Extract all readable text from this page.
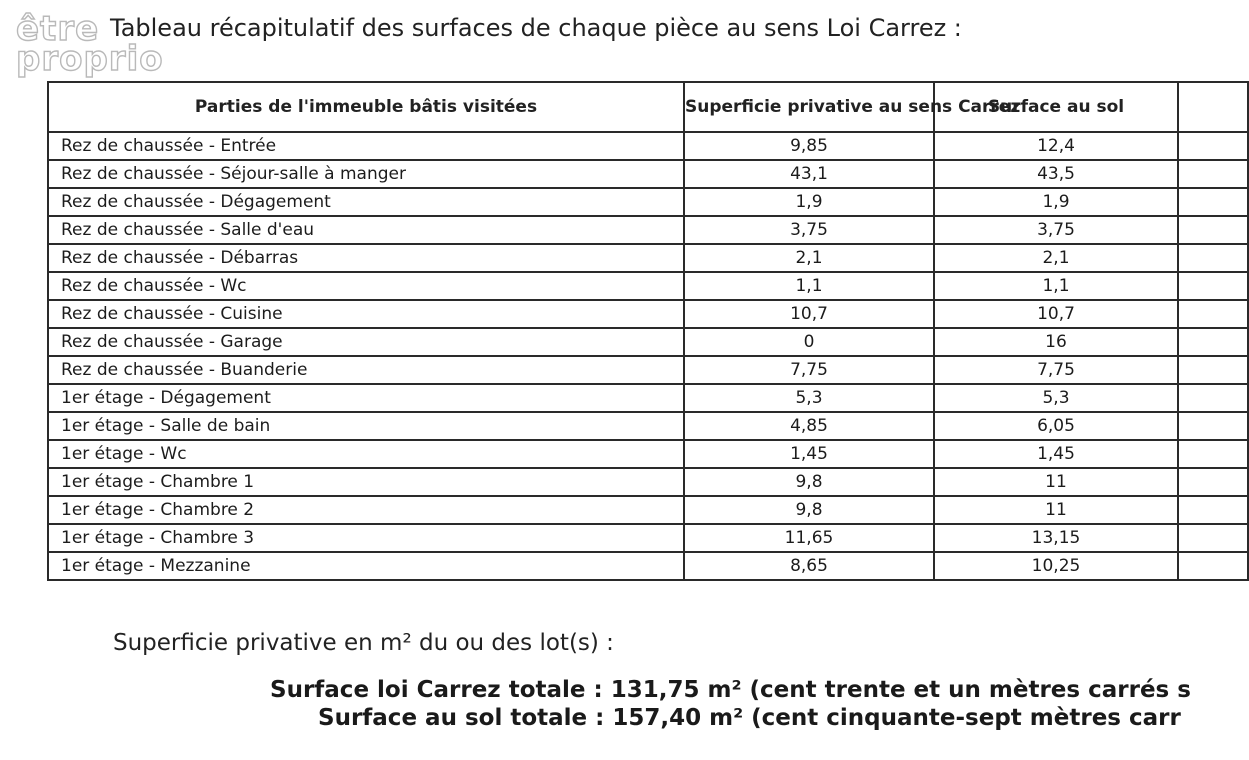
être
proprio
Tableau récapitulatif des surfaces de chaque pièce au sens Loi Carrez :
Parties de l'immeuble bâtis visitées	Superficie privative au sens Carrez	Surface au sol	
Rez de chaussée - Entrée	9,85	12,4	
Rez de chaussée - Séjour-salle à manger	43,1	43,5	
Rez de chaussée - Dégagement	1,9	1,9	
Rez de chaussée - Salle d'eau	3,75	3,75	
Rez de chaussée - Débarras	2,1	2,1	
Rez de chaussée - Wc	1,1	1,1	
Rez de chaussée - Cuisine	10,7	10,7	
Rez de chaussée - Garage	0	16	
Rez de chaussée - Buanderie	7,75	7,75	
1er étage - Dégagement	5,3	5,3	
1er étage - Salle de bain	4,85	6,05	
1er étage - Wc	1,45	1,45	
1er étage - Chambre 1	9,8	11	
1er étage - Chambre 2	9,8	11	
1er étage - Chambre 3	11,65	13,15	
1er étage - Mezzanine	8,65	10,25	
Superficie privative en m² du ou des lot(s) :
Surface loi Carrez totale : 131,75 m² (cent trente et un mètres carrés s
Surface au sol totale : 157,40 m² (cent cinquante-sept mètres carr
